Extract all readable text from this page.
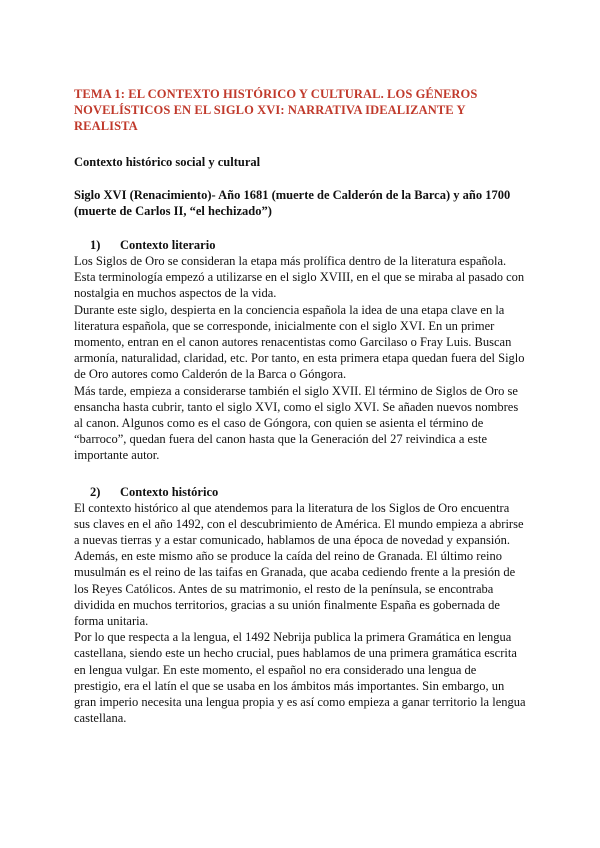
TEMA 1: EL CONTEXTO HISTÓRICO Y CULTURAL. LOS GÉNEROS NOVELÍSTICOS EN EL SIGLO XVI: NARRATIVA IDEALIZANTE Y REALISTA
Contexto histórico social y cultural
Siglo XVI (Renacimiento)- Año 1681 (muerte de Calderón de la Barca) y año 1700 (muerte de Carlos II, “el hechizado”)
1) Contexto literario

Los Siglos de Oro se consideran la etapa más prolífica dentro de la literatura española.

Esta terminología empezó a utilizarse en el siglo XVIII, en el que se miraba al pasado con nostalgia en muchos aspectos de la vida.

Durante este siglo, despierta en la conciencia española la idea de una etapa clave en la literatura española, que se corresponde, inicialmente con el siglo XVI. En un primer momento, entran en el canon autores renacentistas como Garcilaso o Fray Luis. Buscan armonía, naturalidad, claridad, etc. Por tanto, en esta primera etapa quedan fuera del Siglo de Oro autores como Calderón de la Barca o Góngora.

Más tarde, empieza a considerarse también el siglo XVII. El término de Siglos de Oro se ensancha hasta cubrir, tanto el siglo XVI, como el siglo XVI. Se añaden nuevos nombres al canon. Algunos como es el caso de Góngora, con quien se asienta el término de “barroco”, quedan fuera del canon hasta que la Generación del 27 reivindica a este importante autor.

2) Contexto histórico

El contexto histórico al que atendemos para la literatura de los Siglos de Oro encuentra sus claves en el año 1492, con el descubrimiento de América. El mundo empieza a abrirse a nuevas tierras y a estar comunicado, hablamos de una época de novedad y expansión.

Además, en este mismo año se produce la caída del reino de Granada. El último reino musulmán es el reino de las taifas en Granada, que acaba cediendo frente a la presión de los Reyes Católicos. Antes de su matrimonio, el resto de la península, se encontraba dividida en muchos territorios, gracias a su unión finalmente España es gobernada de forma unitaria.

Por lo que respecta a la lengua, el 1492 Nebrija publica la primera Gramática en lengua castellana, siendo este un hecho crucial, pues hablamos de una primera gramática escrita en lengua vulgar. En este momento, el español no era considerado una lengua de prestigio, era el latín el que se usaba en los ámbitos más importantes. Sin embargo, un gran imperio necesita una lengua propia y es así como empieza a ganar territorio la lengua castellana.
